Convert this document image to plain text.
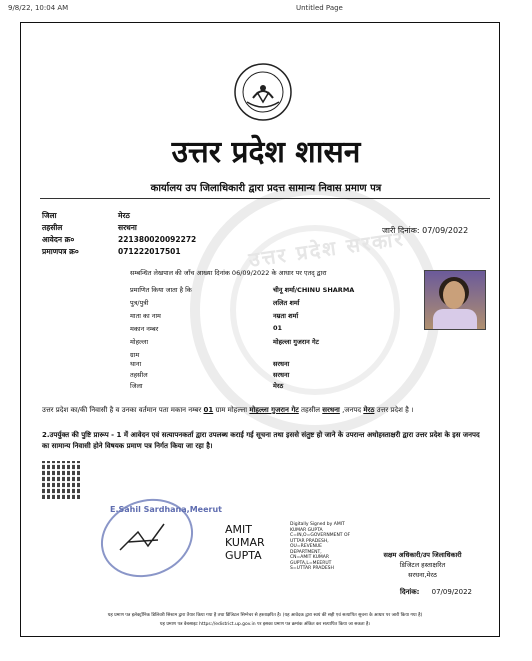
9/8/22, 10:04 AM	Untitled Page
उत्तर प्रदेश सरकार
उत्तर प्रदेश शासन
कार्यालय उप जिलाधिकारी द्वारा प्रदत्त सामान्य निवास प्रमाण पत्र
जिला	मेरठ
तहसील	सरधना
आवेदन क्र०	221380020092272
प्रमाणपत्र क्र०	071222017501
जारी दिनांक: 07/09/2022
सम्बन्धित लेखपाल की जाँच आख्या दिनांक 06/09/2022 के आधार पर एतद् द्वारा
प्रमाणित किया जाता है कि	चीनू शर्मा/CHINU SHARMA
पुत्र/पुत्री	ललित शर्मा
माता का नाम	नम्रता शर्मा
मकान नम्बर	01
मोहल्ला	मोहल्ला गुजरान गेट
ग्राम
थाना	सरधना
तहसील	सरधना
जिला	मेरठ
उत्तर प्रदेश का/की निवासी है व उनका वर्तमान पता मकान नम्बर 01 ग्राम मोहल्ला मोहल्ला गुजरान गेट तहसील सरधना ,जनपद मेरठ उत्तर प्रदेश है ।
2.उपर्युक्त की पुष्टि प्रारूप - 1 में आवेदन एवं सत्यापनकर्ता द्वारा उपलब्ध कराई गई सूचना तथा इससे संतुष्ट हो जाने के उपरान्त अधोहस्ताक्षरी द्वारा उत्तर प्रदेश के इस जनपद का सामान्य निवासी होने विषयक प्रमाण पत्र निर्गत किया जा रहा है।
E.Sahil Sardhana,Meerut
AMIT
KUMAR
GUPTA
Digitally Signed by AMIT
KUMAR GUPTA
C=IN,O=GOVERNMENT OF
UTTAR PRADESH,
OU=REVENUE
DEPARTMENT,
CN=AMIT KUMAR
GUPTA,L=MEERUT
S=UTTAR PRADESH
सक्षम अधिकारी/उप जिलाधिकारी
डिजिटल हस्ताक्षरित
सरधना,मेरठ
दिनांक: 07/09/2022
यह प्रमाण पत्र इलेक्ट्रॉनिक डिलिवरी सिस्टम द्वारा तैयार किया गया है तथा डिजिटल सिग्नेचर से हस्ताक्षरित है। (यह आवेदक द्वारा स्वयं की सही एवं सत्यापित सूचना के आधार पर जारी किया गया है)
यह प्रमाण पत्र वेबसाइट https://edistrict.up.gov.in पर इसका प्रमाण पत्र क्रमांक अंकित कर सत्यापित किया जा सकता है।
